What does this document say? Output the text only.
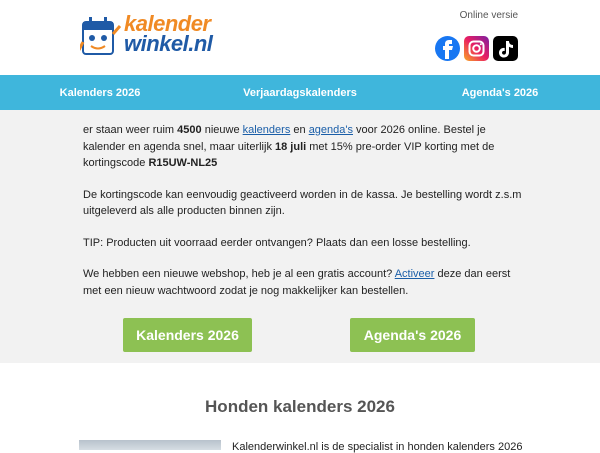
kalender
winkel.nl
Online versie
Kalenders 2026	Verjaardagskalenders	Agenda's 2026

er staan weer ruim 4500 nieuwe kalenders en agenda's voor 2026 online. Bestel je kalender en agenda snel, maar uiterlijk 18 juli met 15% pre-order VIP korting met de kortingscode R15UW-NL25

De kortingscode kan eenvoudig geactiveerd worden in de kassa. Je bestelling wordt z.s.m uitgeleverd als alle producten binnen zijn.

TIP: Producten uit voorraad eerder ontvangen? Plaats dan een losse bestelling.

We hebben een nieuwe webshop, heb je al een gratis account? Activeer deze dan eerst met een nieuw wachtwoord zodat je nog makkelijker kan bestellen.

Kalenders 2026	Agenda's 2026
Honden kalenders 2026
Kalenderwinkel.nl is de specialist in honden kalenders 2026
